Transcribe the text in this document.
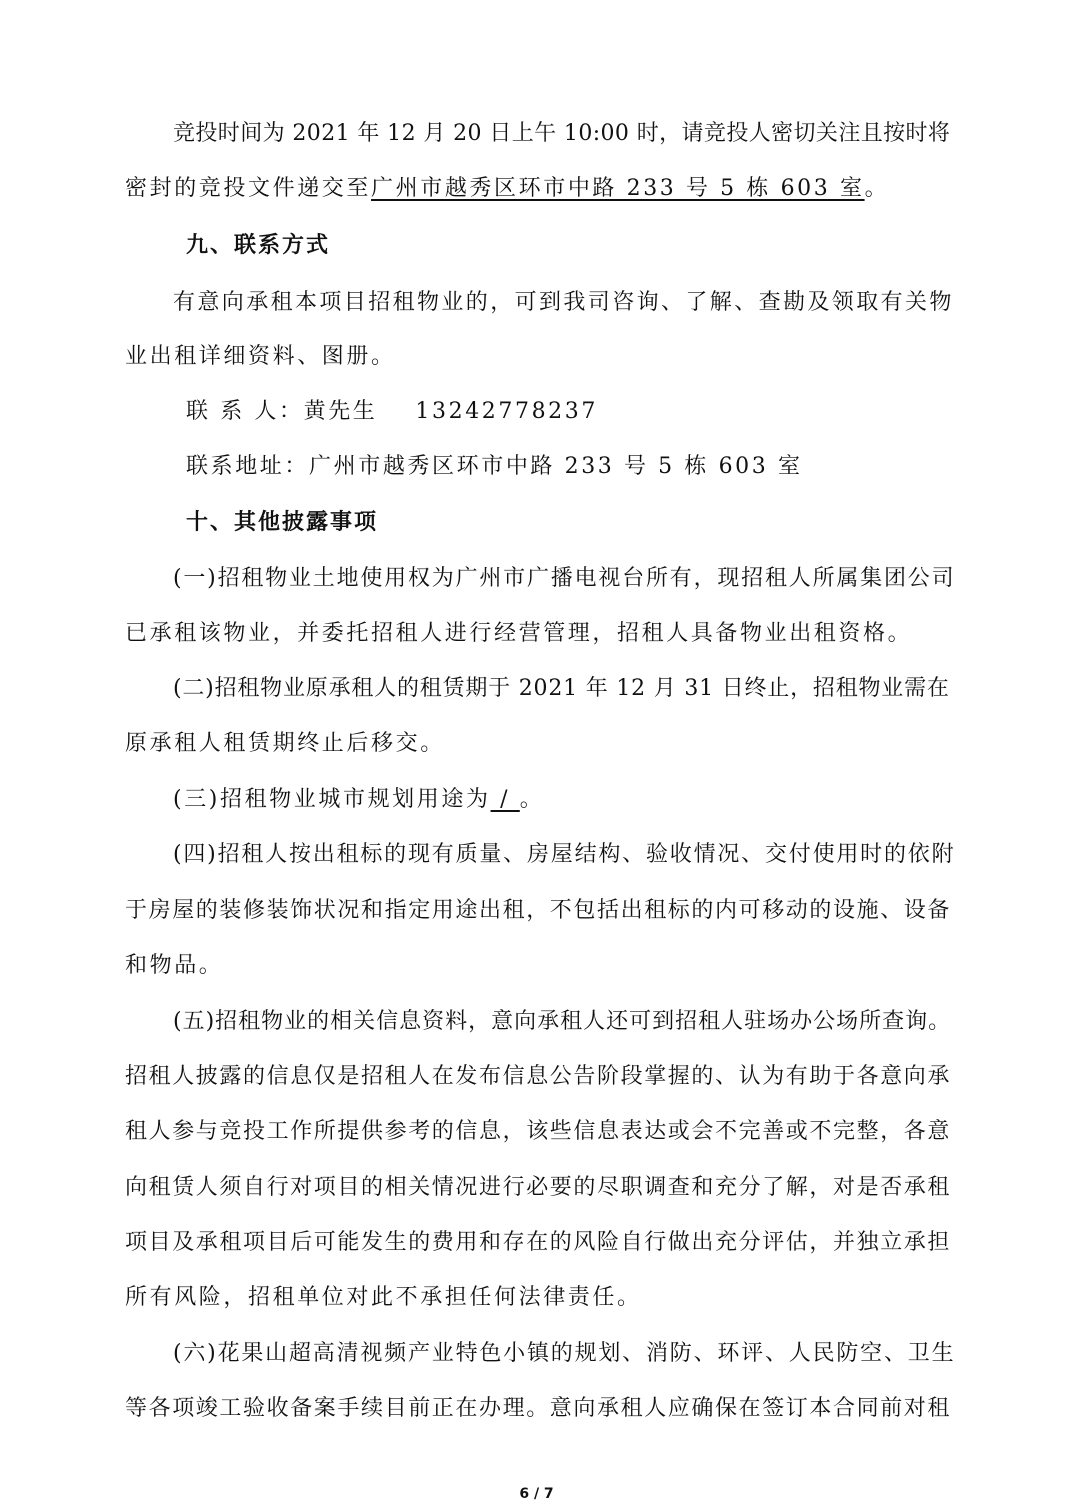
竞投时间为 2021 年 12 月 20 日上午 10:00 时，请竞投人密切关注且按时将
密封的竞投文件递交至广州市越秀区环市中路 233 号 5 栋 603 室。
九、联系方式
有意向承租本项目招租物业的，可到我司咨询、了解、查勘及领取有关物
业出租详细资料、图册。
联 系 人：黄先生 13242778237
联系地址：广州市越秀区环市中路 233 号 5 栋 603 室
十、其他披露事项
(一)招租物业土地使用权为广州市广播电视台所有，现招租人所属集团公司
已承租该物业，并委托招租人进行经营管理，招租人具备物业出租资格。
(二)招租物业原承租人的租赁期于 2021 年 12 月 31 日终止，招租物业需在
原承租人租赁期终止后移交。
(三)招租物业城市规划用途为 / 。
(四)招租人按出租标的现有质量、房屋结构、验收情况、交付使用时的依附
于房屋的装修装饰状况和指定用途出租，不包括出租标的内可移动的设施、设备
和物品。
(五)招租物业的相关信息资料，意向承租人还可到招租人驻场办公场所查询。
招租人披露的信息仅是招租人在发布信息公告阶段掌握的、认为有助于各意向承
租人参与竞投工作所提供参考的信息，该些信息表达或会不完善或不完整，各意
向租赁人须自行对项目的相关情况进行必要的尽职调查和充分了解，对是否承租
项目及承租项目后可能发生的费用和存在的风险自行做出充分评估，并独立承担
所有风险，招租单位对此不承担任何法律责任。
(六)花果山超高清视频产业特色小镇的规划、消防、环评、人民防空、卫生
等各项竣工验收备案手续目前正在办理。意向承租人应确保在签订本合同前对租
6 / 7
